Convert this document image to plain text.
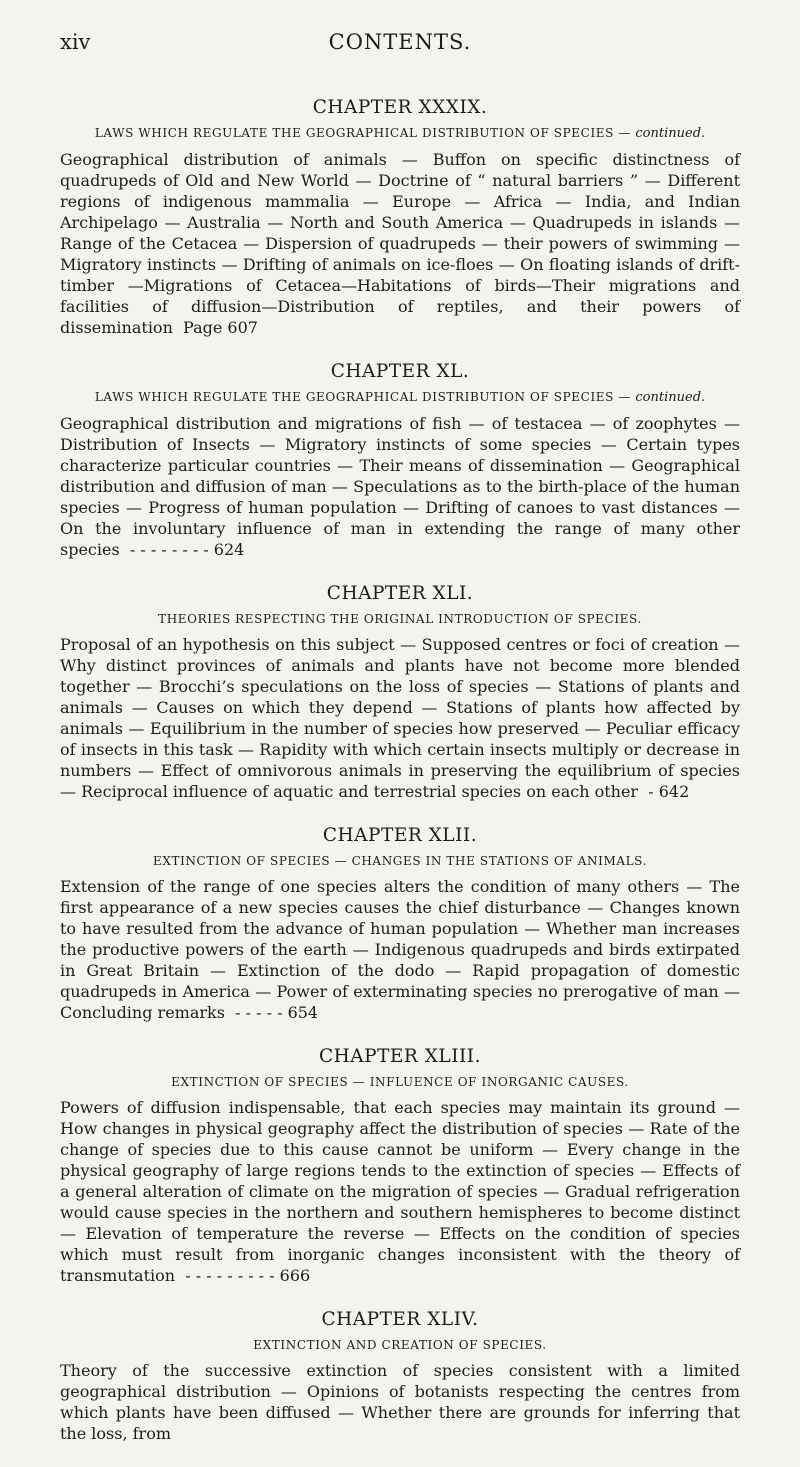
xiv	CONTENTS.
CHAPTER XXXIX.
LAWS WHICH REGULATE THE GEOGRAPHICAL DISTRIBUTION OF SPECIES — continued.

Geographical distribution of animals — Buffon on specific distinctness of quadrupeds of Old and New World — Doctrine of “ natural barriers ” — Different regions of indigenous mammalia — Europe — Africa — India, and Indian Archipelago — Australia — North and South America — Quadrupeds in islands — Range of the Cetacea — Dispersion of quadrupeds — their powers of swimming — Migratory instincts — Drifting of animals on ice-floes — On floating islands of drift-timber —Migrations of Cetacea—Habitations of birds—Their migrations and facilities of diffusion—Distribution of reptiles, and their powers of dissemination Page 607

CHAPTER XL.
LAWS WHICH REGULATE THE GEOGRAPHICAL DISTRIBUTION OF SPECIES — continued.

Geographical distribution and migrations of fish — of testacea — of zoophytes — Distribution of Insects — Migratory instincts of some species — Certain types characterize particular countries — Their means of dissemination — Geographical distribution and diffusion of man — Speculations as to the birth-place of the human species — Progress of human population — Drifting of canoes to vast distances — On the involuntary influence of man in extending the range of many other species - - - - - - - - 624

CHAPTER XLI.
THEORIES RESPECTING THE ORIGINAL INTRODUCTION OF SPECIES.

Proposal of an hypothesis on this subject — Supposed centres or foci of creation — Why distinct provinces of animals and plants have not become more blended together — Brocchi’s speculations on the loss of species — Stations of plants and animals — Causes on which they depend — Stations of plants how affected by animals — Equilibrium in the number of species how preserved — Peculiar efficacy of insects in this task — Rapidity with which certain insects multiply or decrease in numbers — Effect of omnivorous animals in preserving the equilibrium of species — Reciprocal influence of aquatic and terrestrial species on each other - 642

CHAPTER XLII.
EXTINCTION OF SPECIES — CHANGES IN THE STATIONS OF ANIMALS.

Extension of the range of one species alters the condition of many others — The first appearance of a new species causes the chief disturbance — Changes known to have resulted from the advance of human population — Whether man increases the productive powers of the earth — Indigenous quadrupeds and birds extirpated in Great Britain — Extinction of the dodo — Rapid propagation of domestic quadrupeds in America — Power of exterminating species no prerogative of man — Concluding remarks - - - - - 654

CHAPTER XLIII.
EXTINCTION OF SPECIES — INFLUENCE OF INORGANIC CAUSES.

Powers of diffusion indispensable, that each species may maintain its ground — How changes in physical geography affect the distribution of species — Rate of the change of species due to this cause cannot be uniform — Every change in the physical geography of large regions tends to the extinction of species — Effects of a general alteration of climate on the migration of species — Gradual refrigeration would cause species in the northern and southern hemispheres to become distinct — Elevation of temperature the reverse — Effects on the condition of species which must result from inorganic changes inconsistent with the theory of transmutation - - - - - - - - - 666

CHAPTER XLIV.
EXTINCTION AND CREATION OF SPECIES.

Theory of the successive extinction of species consistent with a limited geographical distribution — Opinions of botanists respecting the centres from which plants have been diffused — Whether there are grounds for inferring that the loss, from
